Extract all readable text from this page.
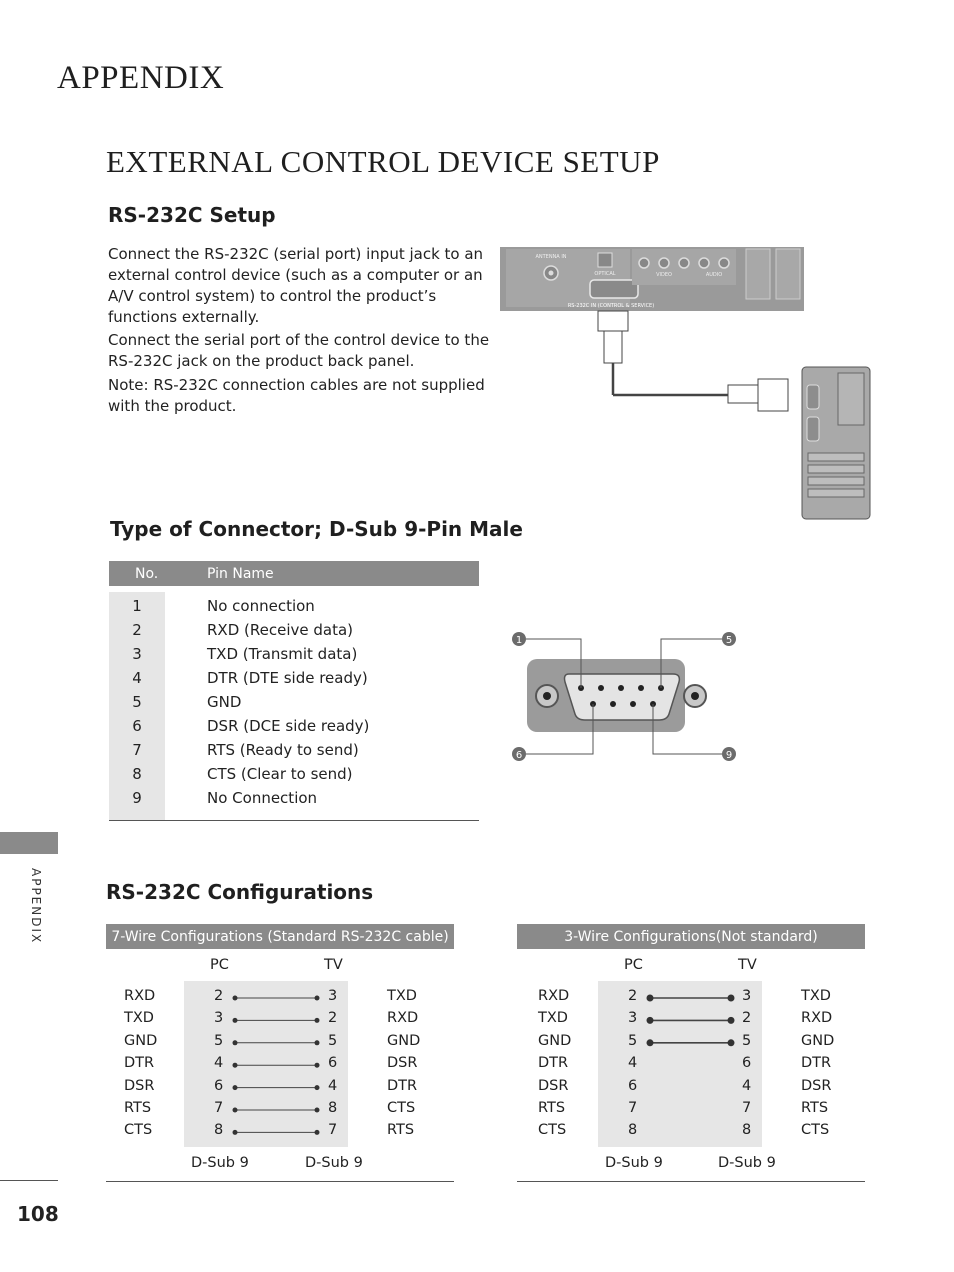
APPENDIX
EXTERNAL CONTROL DEVICE SETUP
RS-232C Setup
Connect the RS-232C (serial port) input jack to an external control device (such as a computer or an A/V control system) to control the product’s functions externally.
Connect the serial port of the control device to the RS-232C jack on the product back panel.
Note: RS-232C connection cables are not supplied with the product.
ANTENNA IN
OPTICAL
RS-232C IN (CONTROL & SERVICE)
VIDEO	AUDIO
Type of Connector; D-Sub 9-Pin Male
No.	Pin Name
1	No connection
2	RXD (Receive data)
3	TXD (Transmit data)
4	DTR (DTE side ready)
5	GND
6	DSR (DCE side ready)
7	RTS (Ready to send)
8	CTS (Clear to send)
9	No Connection
1	5
6	9
APPENDIX	RS-232C Configurations
7-Wire Configurations (Standard RS-232C cable)	3-Wire Configurations(Not standard)
PC	TV
D-Sub 9	D-Sub 9
RXD	2	3	TXD
TXD	3	2	RXD
GND	5	5	GND
DTR	4	6	DSR
DSR	6	4	DTR
RTS	7	8	CTS
CTS	8	7	RTS
PC	TV
D-Sub 9	D-Sub 9
RXD	2	3	TXD
TXD	3	2	RXD
GND	5	5	GND
DTR	4	6	DTR
DSR	6	4	DSR
RTS	7	7	RTS
CTS	8	8	CTS
108
